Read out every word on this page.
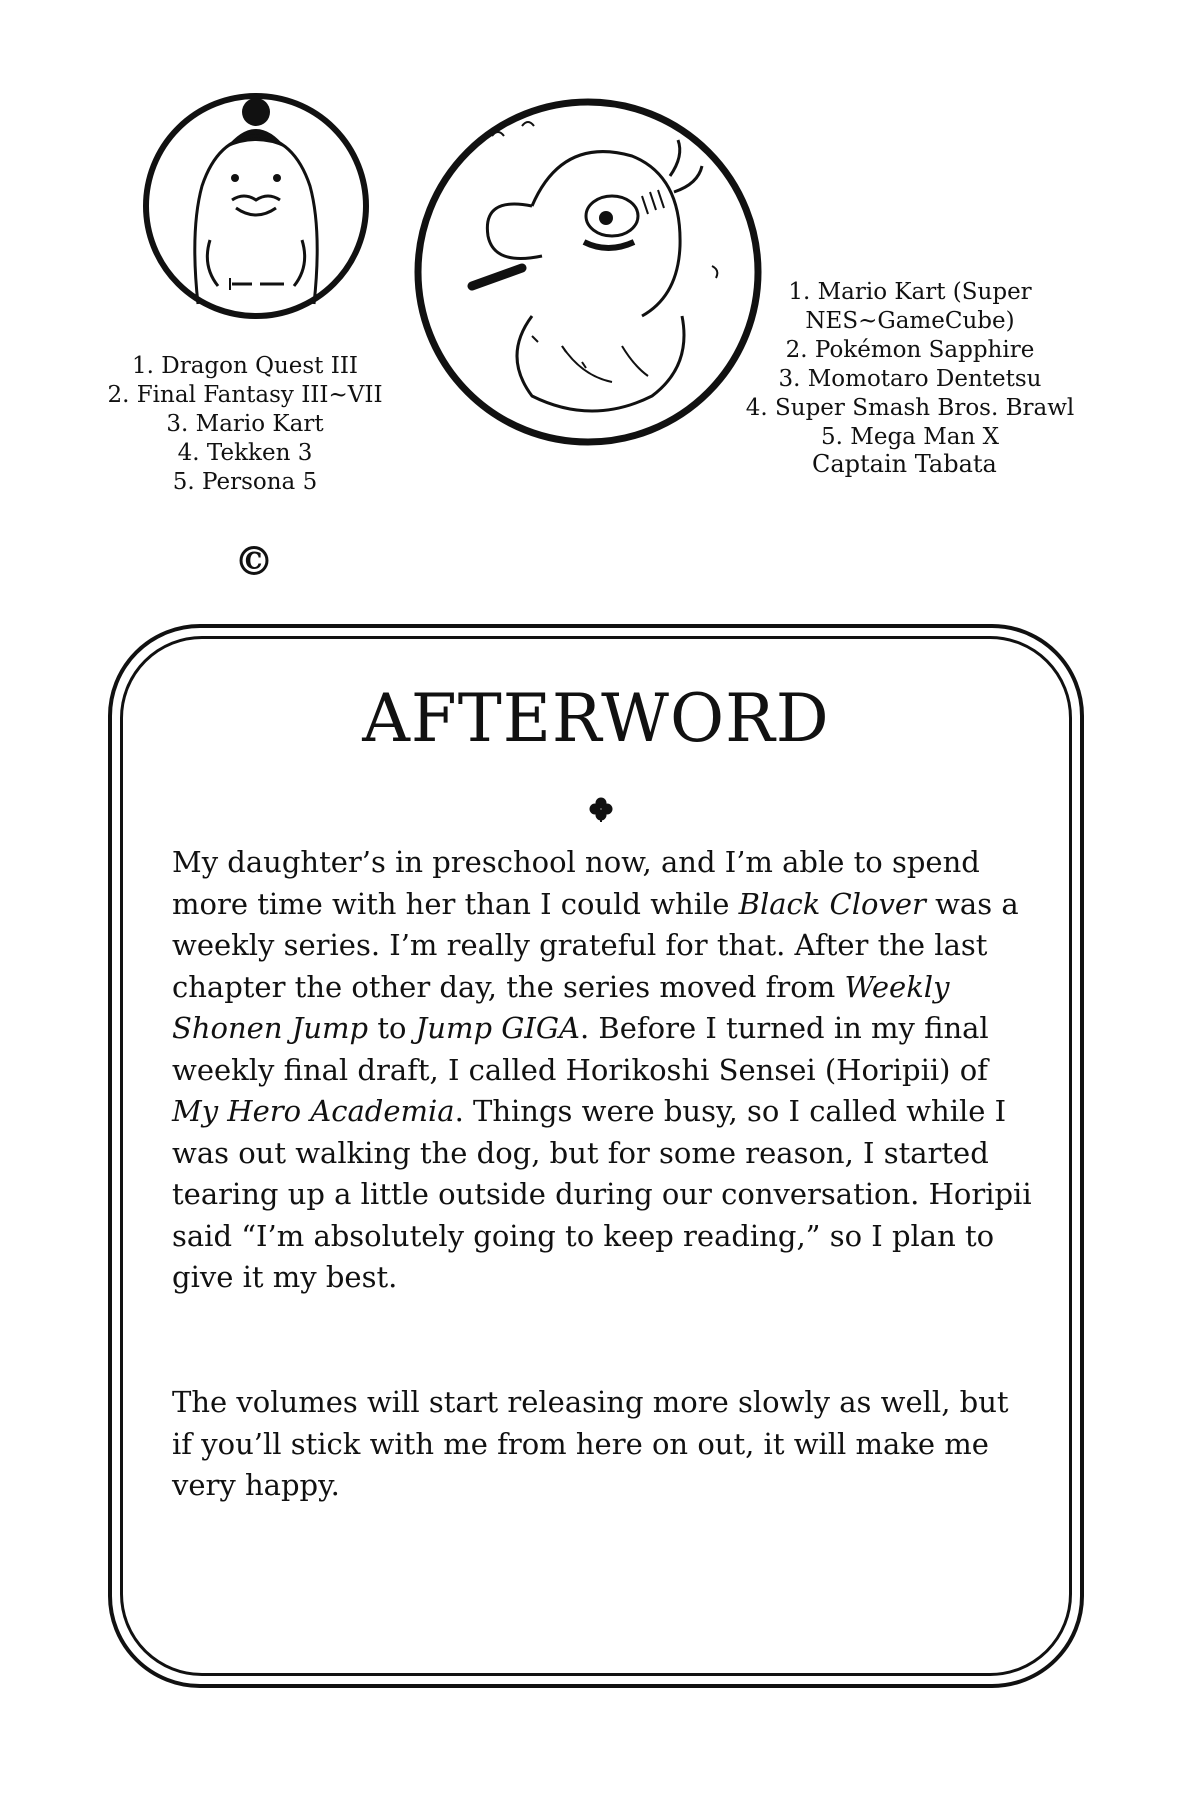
1. Dragon Quest III
2. Final Fantasy III~VII
3. Mario Kart
4. Tekken 3
5. Persona 5
©
1. Mario Kart (Super NES~GameCube)
2. Pokémon Sapphire
3. Momotaro Dentetsu
4. Super Smash Bros. Brawl
5. Mega Man X
Captain Tabata
AFTERWORD

My daughter’s in preschool now, and I’m able to spend more time with her than I could while Black Clover was a weekly series. I’m really grateful for that. After the last chapter the other day, the series moved from Weekly Shonen Jump to Jump GIGA. Before I turned in my final weekly final draft, I called Horikoshi Sensei (Horipii) of My Hero Academia. Things were busy, so I called while I was out walking the dog, but for some reason, I started tearing up a little outside during our conversation. Horipii said “I’m absolutely going to keep reading,” so I plan to give it my best.

The volumes will start releasing more slowly as well, but if you’ll stick with me from here on out, it will make me very happy.
